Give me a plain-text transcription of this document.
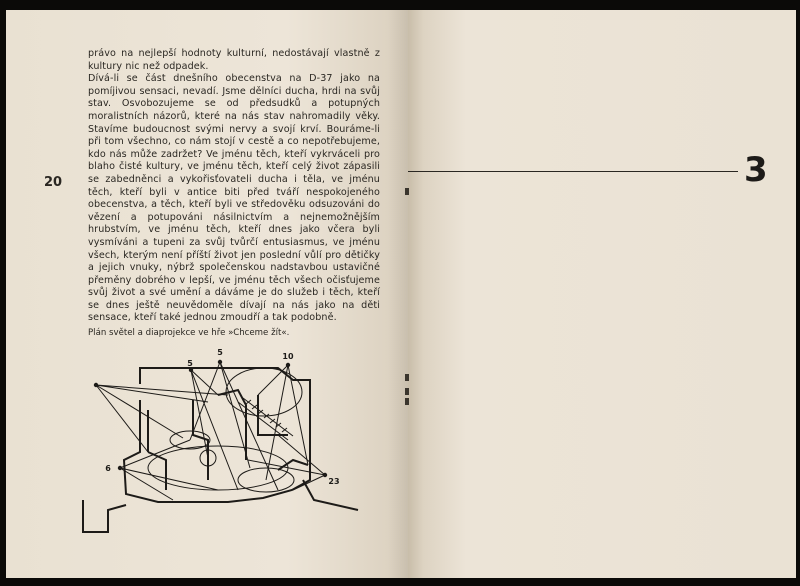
20

právo na nejlepší hodnoty kulturní, nedostávají vlastně z kultury nic než odpadek.

Dívá-li se část dnešního obecenstva na D-37 jako na pomíjivou sensaci, nevadí. Jsme dělníci ducha, hrdi na svůj stav. Osvobozujeme se od předsudků a potupných moralistních názorů, které na nás stav nahromadily věky. Stavíme budoucnost svými nervy a svojí krví. Bouráme-li při tom všechno, co nám stojí v cestě a co nepotřebujeme, kdo nás může zadržet? Ve jménu těch, kteří vykrváceli pro blaho čisté kultury, ve jménu těch, kteří celý život zápasili se zabedněnci a vykořisťovateli ducha i těla, ve jménu těch, kteří byli v antice biti před tváří nespokojeného obecenstva, a těch, kteří byli ve středověku odsuzováni do vězení a potupováni násilnictvím a nejnemožnějším hrubstvím, ve jménu těch, kteří dnes jako včera byli vysmíváni a tupeni za svůj tvůrčí entusiasmus, ve jménu všech, kterým není příští život jen poslední vůlí pro dětičky a jejich vnuky, nýbrž společenskou nadstavbou ustavičné přeměny dobrého v lepší, ve jménu těch všech očisťujeme svůj život a své umění a dáváme je do služeb i těch, kteří se dnes ještě neuvědoměle dívají na nás jako na děti sensace, kteří také jednou zmoudří a tak podobně.

Plán světel a diaprojekce ve hře »Chceme žít«.
5
5	10
6
23
3
